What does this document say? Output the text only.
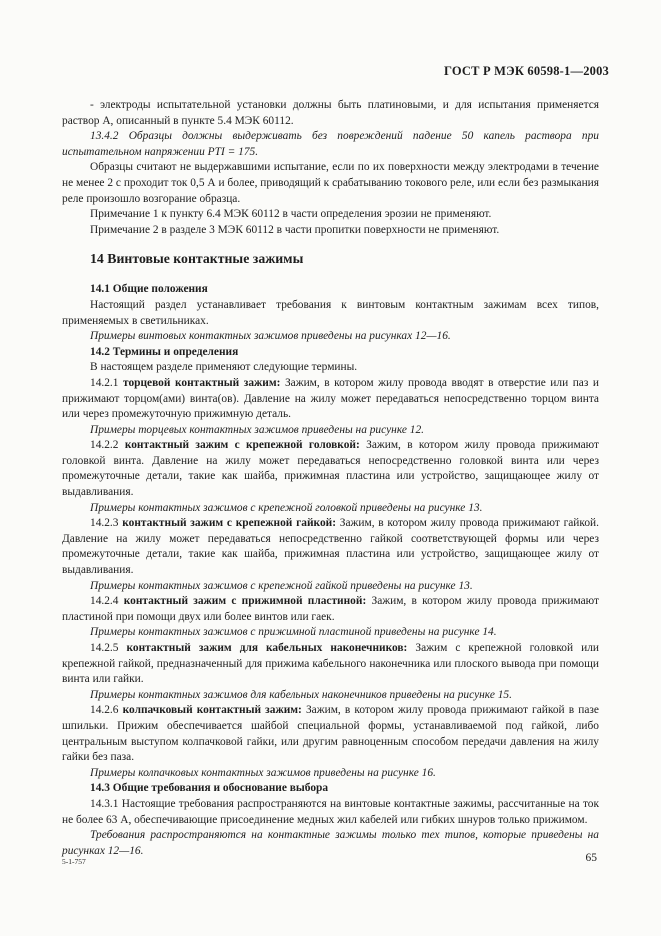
ГОСТ Р МЭК 60598-1—2003

- электроды испытательной установки должны быть платиновыми, и для испытания применяется раствор А, описанный в пункте 5.4 МЭК 60112.

13.4.2 Образцы должны выдерживать без повреждений падение 50 капель раствора при испытательном напряжении PTI = 175.

Образцы считают не выдержавшими испытание, если по их поверхности между электродами в течение не менее 2 с проходит ток 0,5 А и более, приводящий к срабатыванию токового реле, или если без размыкания реле произошло возгорание образца.

Примечание 1 к пункту 6.4 МЭК 60112 в части определения эрозии не применяют.

Примечание 2 в разделе 3 МЭК 60112 в части пропитки поверхности не применяют.

14 Винтовые контактные зажимы
14.1 Общие положения

Настоящий раздел устанавливает требования к винтовым контактным зажимам всех типов, применяемых в светильниках.

Примеры винтовых контактных зажимов приведены на рисунках 12—16.

14.2 Термины и определения

В настоящем разделе применяют следующие термины.

14.2.1 торцевой контактный зажим: Зажим, в котором жилу провода вводят в отверстие или паз и прижимают торцом(ами) винта(ов). Давление на жилу может передаваться непосредственно торцом винта или через промежуточную прижимную деталь.

Примеры торцевых контактных зажимов приведены на рисунке 12.

14.2.2 контактный зажим с крепежной головкой: Зажим, в котором жилу провода прижимают головкой винта. Давление на жилу может передаваться непосредственно головкой винта или через промежуточные детали, такие как шайба, прижимная пластина или устройство, защищающее жилу от выдавливания.

Примеры контактных зажимов с крепежной головкой приведены на рисунке 13.

14.2.3 контактный зажим с крепежной гайкой: Зажим, в котором жилу провода прижимают гайкой. Давление на жилу может передаваться непосредственно гайкой соответствующей формы или через промежуточные детали, такие как шайба, прижимная пластина или устройство, защищающее жилу от выдавливания.

Примеры контактных зажимов с крепежной гайкой приведены на рисунке 13.

14.2.4 контактный зажим с прижимной пластиной: Зажим, в котором жилу провода прижимают пластиной при помощи двух или более винтов или гаек.

Примеры контактных зажимов с прижимной пластиной приведены на рисунке 14.

14.2.5 контактный зажим для кабельных наконечников: Зажим с крепежной головкой или крепежной гайкой, предназначенный для прижима кабельного наконечника или плоского вывода при помощи винта или гайки.

Примеры контактных зажимов для кабельных наконечников приведены на рисунке 15.

14.2.6 колпачковый контактный зажим: Зажим, в котором жилу провода прижимают гайкой в пазе шпильки. Прижим обеспечивается шайбой специальной формы, устанавливаемой под гайкой, либо центральным выступом колпачковой гайки, или другим равноценным способом передачи давления на жилу гайки без паза.

Примеры колпачковых контактных зажимов приведены на рисунке 16.

14.3 Общие требования и обоснование выбора

14.3.1 Настоящие требования распространяются на винтовые контактные зажимы, рассчитанные на ток не более 63 А, обеспечивающие присоединение медных жил кабелей или гибких шнуров только прижимом.

Требования распространяются на контактные зажимы только тех типов, которые приведены на рисунках 12—16.

5-1-757	65
